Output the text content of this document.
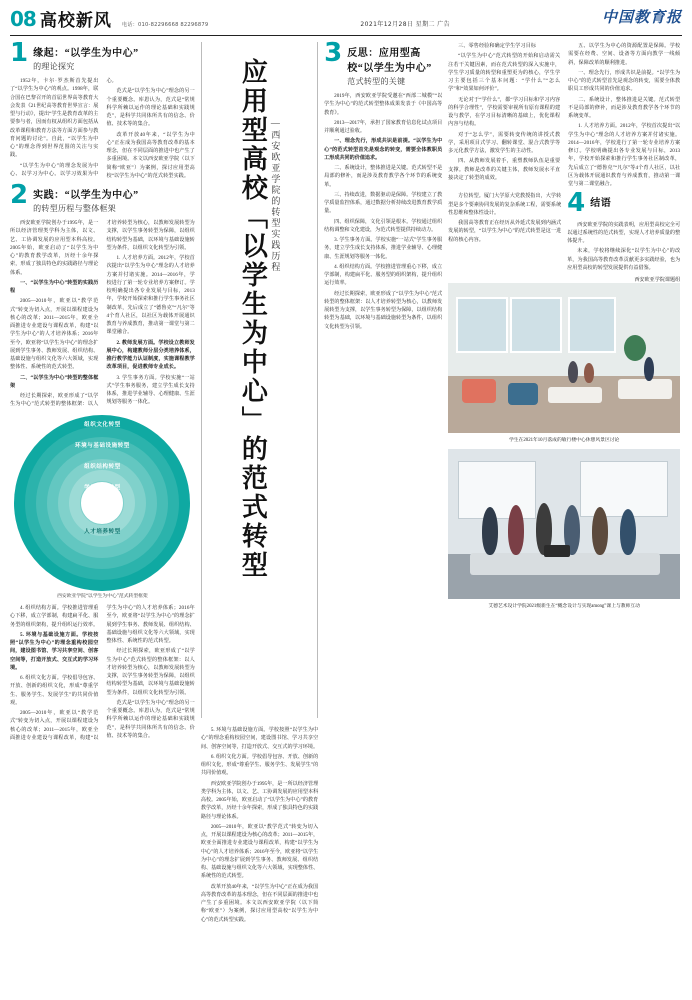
08 高校新风 电话：010-82296668 82296879	2021年12月28日 星期二 广告	中国教育报
1 缘起：“以学生为中心”
的理论探究

1952年，卡尔·罗杰斯首先提出了“以学生为中心”的观点。1998年，联合国在巴黎召开的首届世界高等教育大会发表《21世纪高等教育世界宣言：展望与行动》，提出“学生是教育改革的主要参与者，因而有权从组织方面包括从改革课程和教育方法等方面方面参与教育问题的讨论”。自此，“以学生为中心”的理念得到世界范围的关注与实践。

“以学生为中心”的理念发展为中心、以学习为中心。以学习效果为中心。

范式是“以学生为中心”理念的另一个重要概念。库恩认为，范式是“常规科学所赖以运作的理论基础和实践规范”，是科学共同体所共有的信念、价值、技术等的集合。

改革开放40年来，“以学生为中心”正在成为我国高等教育改革的基本理念，但在不同层面的推进中也产生了多重困境。本文以西安欧亚学院（以下简称“欧亚”）为案例，探讨应用型高校“以学生为中心”的范式转型实践。

2 实践：“以学生为中心”
的转型历程与整体框架

西安欧亚学院创办于1995年，是一所以经济管理类学科为主体，以文、艺、工协调发展的应用型本科高校。2005年始，欧亚启动了“以学生为中心”的教育教学改革，历经十余年探索，形成了独具特色的实践路径与理论体系。

一、“以学生为中心”转型的实践历程

2005—2010年，欧亚以“教学范式”转变为切入点，开展以课程建设为核心的改革；2011—2015年，欧亚全面推进专业建设与课程改革，构建“以学生为中心”的人才培养体系；2016年至今，欧亚将“以学生为中心”的理念扩展到学生事务、教师发展、组织结构、基础设施与组织文化等六大领域，实现整体性、系统性的范式转型。

二、“以学生为中心”转型的整体框架

经过长期探索，欧亚形成了“以学生为中心”范式转型的整体框架：以人才培养转型为核心，以教师发展转型为支撑，以学生事务转型为保障，以组织结构转型为基础，以环境与基础设施转型为条件，以组织文化转型为引领。

1. 人才培养方面。2012年，学校首次提出“以学生为中心”理念的人才培养方案并付诸实施。2014—2016年，学校进行了第一轮专业培养方案修订。学校明确提出各专业发展与目标，2013年，学校开始探索和推行学生事务社区制改革，先后成立了“德鲁克”“凡尔”等4个育人社区，以社区为载体开展通识教育与养成教育，推动第一课堂与第二课堂融合。

2. 教师发展方面。学校设立教师发展中心，构建教师分层分类培养体系，推行教学能力认证制度，实施课程教学改革项目，促进教师专业成长。

3. 学生事务方面。学校实施“一站式”学生事务服务，建立学生成长支持体系，推进学业辅导、心理健康、生涯规划等服务一体化。

组织文化转型
环境与基础设施转型
组织结构转型
学生事务转型
教师发展转型
人才培养转型
西安欧亚学院“以学生为中心”范式转型框架

4. 组织结构方面。学校推进管理重心下移，成立学部制，构建扁平化、服务型的组织架构，提升组织运行效率。

5. 环境与基础设施方面。学校按照“以学生为中心”的理念重构校园空间，建设图书馆、学习共享空间、创客空间等，打造开放式、交互式的学习环境。

6. 组织文化方面。学校倡导包容、开放、创新的组织文化，形成“尊重学生、服务学生、发展学生”的共同价值观。

2005—2010年，欧亚以“教学范式”转变为切入点，开展以课程建设为核心的改革；2011—2015年，欧亚全面推进专业建设与课程改革，构建“以学生为中心”的人才培养体系；2016年至今，欧亚将“以学生为中心”的理念扩展到学生事务、教师发展、组织结构、基础设施与组织文化等六大领域，实现整体性、系统性的范式转型。

经过长期探索，欧亚形成了“以学生为中心”范式转型的整体框架：以人才培养转型为核心，以教师发展转型为支撑，以学生事务转型为保障，以组织结构转型为基础，以环境与基础设施转型为条件，以组织文化转型为引领。

范式是“以学生为中心”理念的另一个重要概念。库恩认为，范式是“常规科学所赖以运作的理论基础和实践规范”，是科学共同体所共有的信念、价值、技术等的集合。

应用型高校「以学生为中心」的范式转型 —西安欧亚学院的转型实践历程

5. 环境与基础设施方面。学校按照“以学生为中心”的理念重构校园空间，建设图书馆、学习共享空间、创客空间等，打造开放式、交互式的学习环境。

6. 组织文化方面。学校倡导包容、开放、创新的组织文化，形成“尊重学生、服务学生、发展学生”的共同价值观。

西安欧亚学院创办于1995年，是一所以经济管理类学科为主体，以文、艺、工协调发展的应用型本科高校。2005年始，欧亚启动了“以学生为中心”的教育教学改革，历经十余年探索，形成了独具特色的实践路径与理论体系。

2005—2010年，欧亚以“教学范式”转变为切入点，开展以课程建设为核心的改革；2011—2015年，欧亚全面推进专业建设与课程改革，构建“以学生为中心”的人才培养体系；2016年至今，欧亚将“以学生为中心”的理念扩展到学生事务、教师发展、组织结构、基础设施与组织文化等六大领域，实现整体性、系统性的范式转型。

改革开放40年来，“以学生为中心”正在成为我国高等教育改革的基本理念，但在不同层面的推进中也产生了多重困境。本文以西安欧亚学院（以下简称“欧亚”）为案例，探讨应用型高校“以学生为中心”的范式转型实践。

3 反思：应用型高校“以学生为中心”
范式转型的关键

2019年，西安欧亚学院受邀在“西部二城模”“以学生为中心”的范式转型整体成果发表于《中国高等教育》。

2013—2017年，承担了国家教育信息化试点项目并顺利通过验收。

一、理念先行，形成共识是前提。“以学生为中心”的范式转型首先是观念的转变，需要全体教职员工形成共同的价值追求。

二、系统设计，整体推进是关键。范式转型不是局部的修补，而是涉及教育教学各个环节的系统变革。

三、持续改进，数据驱动是保障。学校建立了教学质量监控体系，通过数据分析持续改进教育教学质量。

四、组织保障，文化引领是根本。学校通过组织结构调整和文化建设，为范式转型提供持续动力。

3. 学生事务方面。学校实施“一站式”学生事务服务，建立学生成长支持体系，推进学业辅导、心理健康、生涯规划等服务一体化。

4. 组织结构方面。学校推进管理重心下移，成立学部制，构建扁平化、服务型的组织架构，提升组织运行效率。

经过长期探索，欧亚形成了“以学生为中心”范式转型的整体框架：以人才培养转型为核心，以教师发展转型为支撑，以学生事务转型为保障，以组织结构转型为基础，以环境与基础设施转型为条件，以组织文化转型为引领。

三、零售经验和确定学生学习目标

“以学生为中心”范式转型的开始和启动需关注若干关键因素，而在范式转型的深入实施中，学生学习质量的转型和重塑更为的核心，学生学习主要包括三个基本问题：“学什么”“怎么学”和“效果如何评价”。

无论对于“学什么”，都“学习目标和学习内容的科学合理性”，学校需要审视所有原有课程的建设与教学，在学习目标清晰的基础上，优化课程内容与结构。

对于“怎么学”，需要转变传统的讲授式教学，采用项目式学习、翻转课堂、混合式教学等多元化教学方法，激发学生的主动性。

四、从教师发展着手，重塑教师队伍是重要支撑。教师是改革的关键主体，教师发展水平直接决定了转型的成效。

五、以学生为中心的资源配置是保障。学校需要在经费、空间、设备等方面向教学一线倾斜，保障改革的顺利推进。

一、理念先行，形成共识是前提。“以学生为中心”的范式转型首先是观念的转变，需要全体教职员工形成共同的价值追求。

二、系统设计，整体推进是关键。范式转型不是局部的修补，而是涉及教育教学各个环节的系统变革。

1. 人才培养方面。2012年，学校首次提出“以学生为中心”理念的人才培养方案并付诸实施。2014—2016年，学校进行了第一轮专业培养方案修订。学校明确提出各专业发展与目标，2013年，学校开始探索和推行学生事务社区制改革，先后成立了“德鲁克”“凡尔”等4个育人社区，以社区为载体开展通识教育与养成教育，推动第一课堂与第二课堂融合。

方位转型。厦门大学原大党教授指出，大学转型是多个要素协同发展的复杂系统工程，需要系统性思维和整体性设计。

我国高等教育正在经历从外延式发展到内涵式发展的转型，“以学生为中心”的范式转型是这一进程的核心内容。

4 结语

西安欧亚学院的实践表明，应用型高校完全可以通过系统性的范式转型，实现人才培养质量的整体提升。

未来，学校将继续深化“以学生为中心”的改革，为我国高等教育改革贡献更多实践经验，也为应用型高校的转型发展提供有益借鉴。

西安欧亚学院课题组
学生在2021年10月落成的敏行楼中心休憩风景区讨论
艾德艺术设计学院2021级新生在“概念设计与实现among”课上与教师互动
